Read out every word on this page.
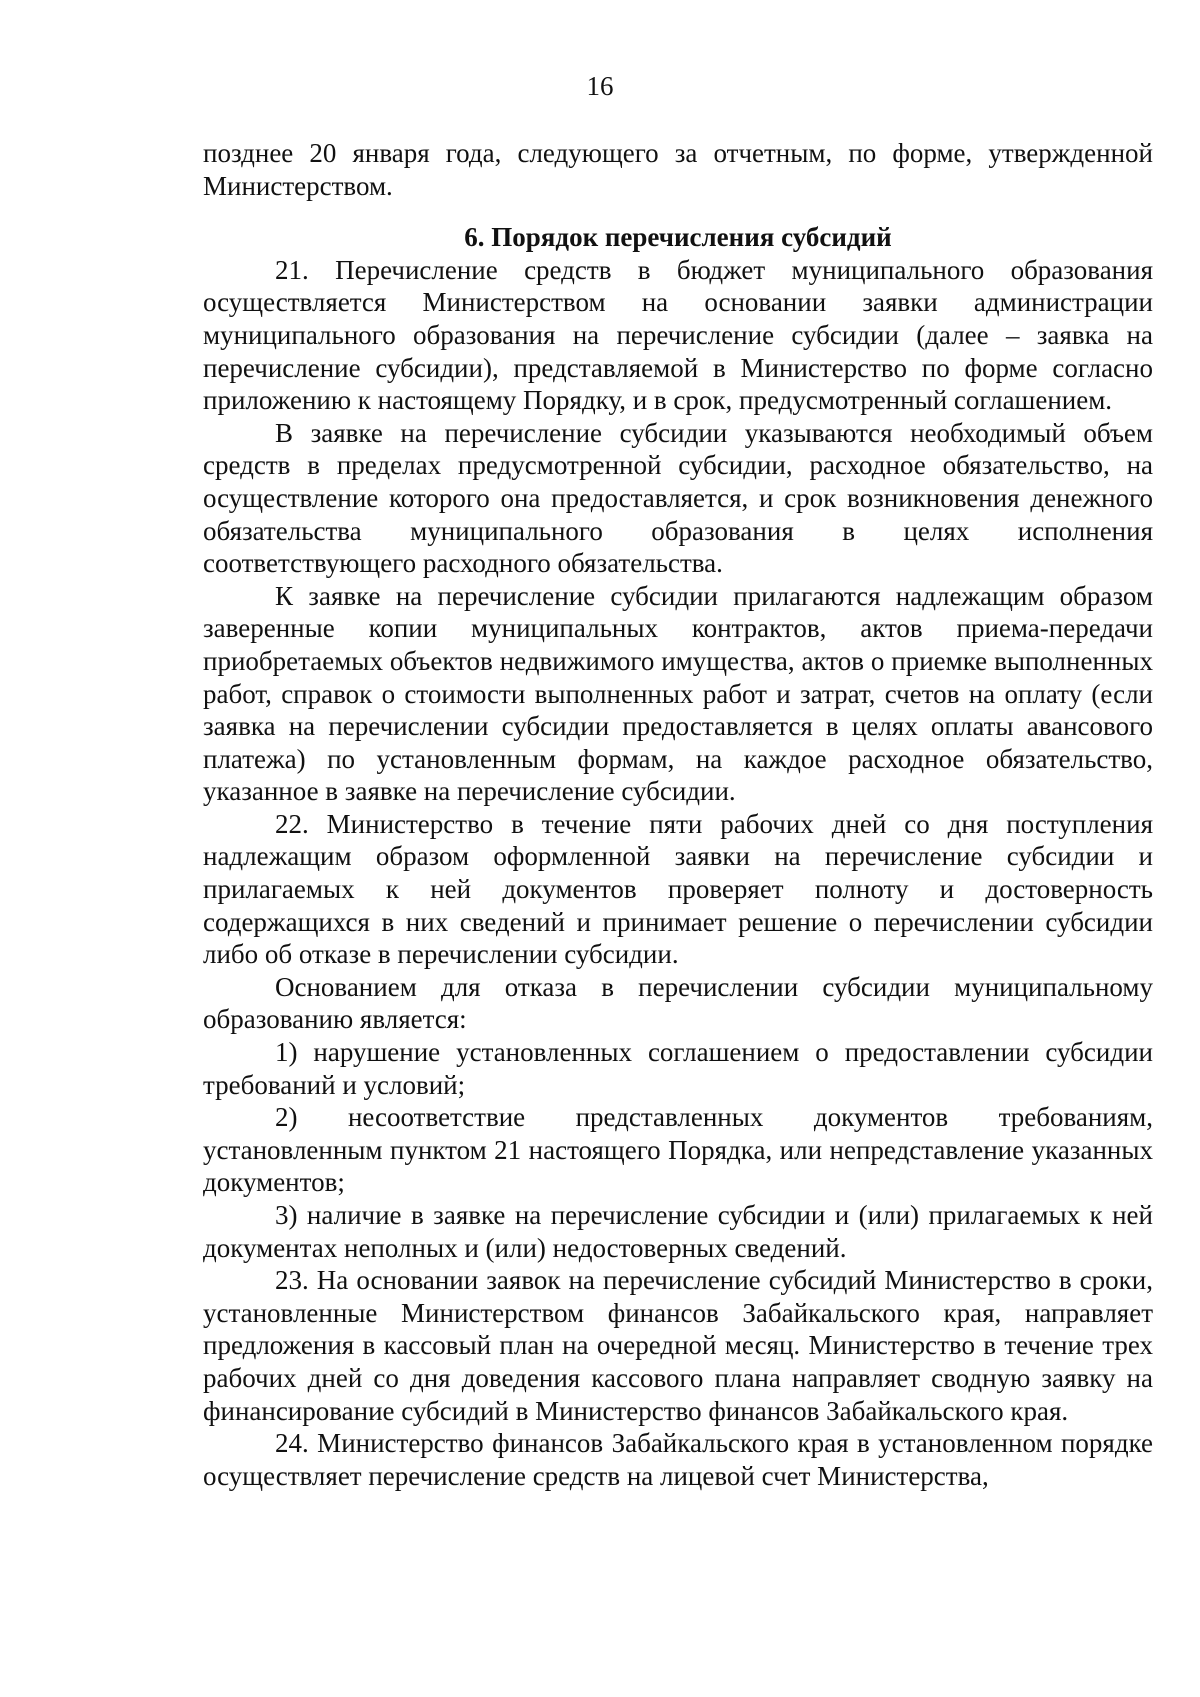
16

позднее 20 января года, следующего за отчетным, по форме, утвержденной Министерством.

6. Порядок перечисления субсидий

21. Перечисление средств в бюджет муниципального образования осуществляется Министерством на основании заявки администрации муниципального образования на перечисление субсидии (далее – заявка на перечисление субсидии), представляемой в Министерство по форме согласно приложению к настоящему Порядку, и в срок, предусмотренный соглашением.

В заявке на перечисление субсидии указываются необходимый объем средств в пределах предусмотренной субсидии, расходное обязательство, на осуществление которого она предоставляется, и срок возникновения денежного обязательства муниципального образования в целях исполнения соответствующего расходного обязательства.

К заявке на перечисление субсидии прилагаются надлежащим образом заверенные копии муниципальных контрактов, актов приема-передачи приобретаемых объектов недвижимого имущества, актов о приемке выполненных работ, справок о стоимости выполненных работ и затрат, счетов на оплату (если заявка на перечислении субсидии предоставляется в целях оплаты авансового платежа) по установленным формам, на каждое расходное обязательство, указанное в заявке на перечисление субсидии.

22. Министерство в течение пяти рабочих дней со дня поступления надлежащим образом оформленной заявки на перечисление субсидии и прилагаемых к ней документов проверяет полноту и достоверность содержащихся в них сведений и принимает решение о перечислении субсидии либо об отказе в перечислении субсидии.

Основанием для отказа в перечислении субсидии муниципальному образованию является:

1) нарушение установленных соглашением о предоставлении субсидии требований и условий;

2) несоответствие представленных документов требованиям, установленным пунктом 21 настоящего Порядка, или непредставление указанных документов;

3) наличие в заявке на перечисление субсидии и (или) прилагаемых к ней документах неполных и (или) недостоверных сведений.

23. На основании заявок на перечисление субсидий Министерство в сроки, установленные Министерством финансов Забайкальского края, направляет предложения в кассовый план на очередной месяц. Министерство в течение трех рабочих дней со дня доведения кассового плана направляет сводную заявку на финансирование субсидий в Министерство финансов Забайкальского края.

24. Министерство финансов Забайкальского края в установленном порядке осуществляет перечисление средств на лицевой счет Министерства,
